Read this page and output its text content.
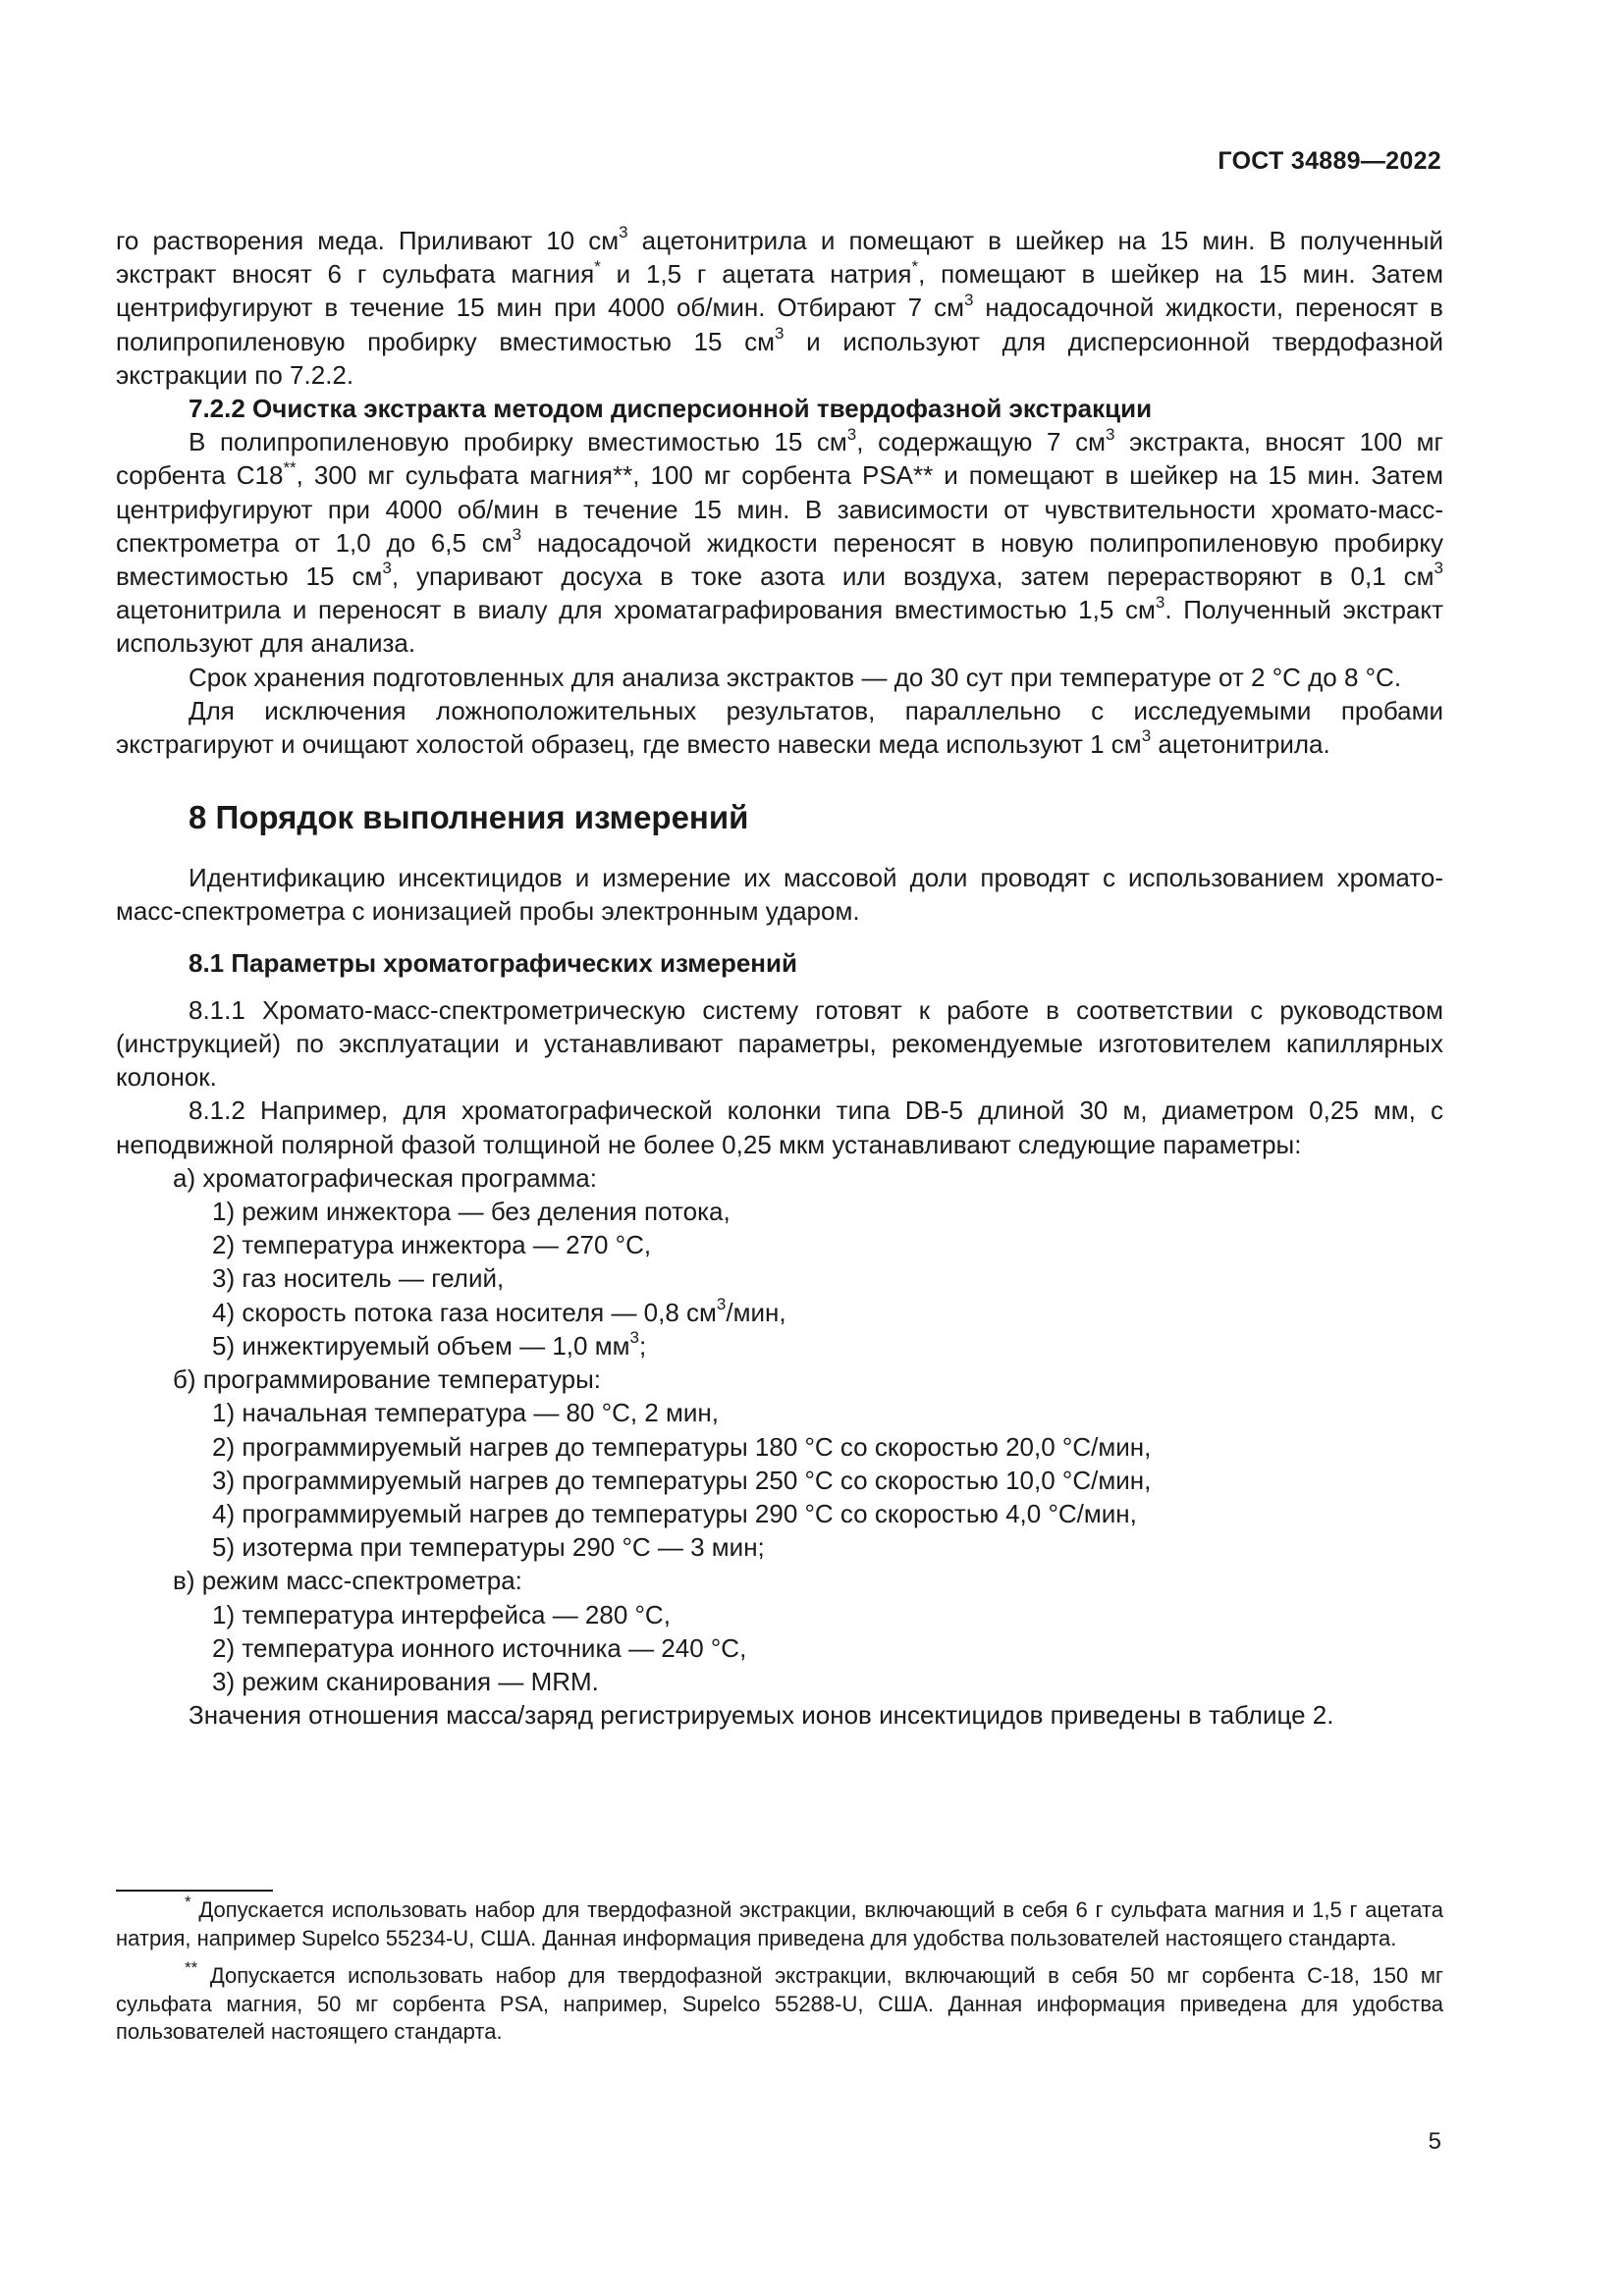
ГОСТ 34889—2022

го растворения меда. Приливают 10 $см^3$ ацетонитрила и помещают в шейкер на 15 мин. В полученный экстракт вносят 6 г сульфата магния* и 1,5 г ацетата натрия*, помещают в шейкер на 15 мин. Затем центрифугируют в течение 15 мин при 4000 об/мин. Отбирают 7 $см^3$ надосадочной жидкости, переносят в полипропиленовую пробирку вместимостью 15 $см^3$ и используют для дисперсионной твердофазной экстракции по 7.2.2.

7.2.2 Очистка экстракта методом дисперсионной твердофазной экстракции

В полипропиленовую пробирку вместимостью 15 $см^3$, содержащую 7 $см^3$ экстракта, вносят 100 мг сорбента С18**, 300 мг сульфата магния**, 100 мг сорбента PSA** и помещают в шейкер на 15 мин. Затем центрифугируют при 4000 об/мин в течение 15 мин. В зависимости от чувствительности хромато-масс-спектрометра от 1,0 до 6,5 $см^3$ надосадочой жидкости переносят в новую полипропиленовую пробирку вместимостью 15 $см^3$, упаривают досуха в токе азота или воздуха, затем перерастворяют в 0,1 $см^3$ ацетонитрила и переносят в виалу для хроматаграфирования вместимостью 1,5 $см^3$. Полученный экстракт используют для анализа.

Срок хранения подготовленных для анализа экстрактов — до 30 сут при температуре от 2 °С до 8 °С.

Для исключения ложноположительных результатов, параллельно с исследуемыми пробами экстрагируют и очищают холостой образец, где вместо навески меда используют 1 $см^3$ ацетонитрила.

8 Порядок выполнения измерений

Идентификацию инсектицидов и измерение их массовой доли проводят с использованием хромато-масс-спектрометра с ионизацией пробы электронным ударом.

8.1 Параметры хроматографических измерений

8.1.1 Хромато-масс-спектрометрическую систему готовят к работе в соответствии с руководством (инструкцией) по эксплуатации и устанавливают параметры, рекомендуемые изготовителем капиллярных колонок.

8.1.2 Например, для хроматографической колонки типа DB-5 длиной 30 м, диаметром 0,25 мм, с неподвижной полярной фазой толщиной не более 0,25 мкм устанавливают следующие параметры:

а) хроматографическая программа:

1) режим инжектора — без деления потока,

2) температура инжектора — 270 °С,

3) газ носитель — гелий,

4) скорость потока газа носителя — 0,8 $см^3$/мин,

5) инжектируемый объем — 1,0 $мм^3$;

б) программирование температуры:

1) начальная температура — 80 °С, 2 мин,

2) программируемый нагрев до температуры 180 °С со скоростью 20,0 °С/мин,

3) программируемый нагрев до температуры 250 °С со скоростью 10,0 °С/мин,

4) программируемый нагрев до температуры 290 °С со скоростью 4,0 °С/мин,

5) изотерма при температуры 290 °С — 3 мин;

в) режим масс-спектрометра:

1) температура интерфейса — 280 °С,

2) температура ионного источника — 240 °С,

3) режим сканирования — MRM.

Значения отношения масса/заряд регистрируемых ионов инсектицидов приведены в таблице 2.

* Допускается использовать набор для твердофазной экстракции, включающий в себя 6 г сульфата магния и 1,5 г ацетата натрия, например Supelco 55234-U, США. Данная информация приведена для удобства пользователей настоящего стандарта.

** Допускается использовать набор для твердофазной экстракции, включающий в себя 50 мг сорбента С-18, 150 мг сульфата магния, 50 мг сорбента PSA, например, Supelco 55288-U, США. Данная информация приведена для удобства пользователей настоящего стандарта.

5
